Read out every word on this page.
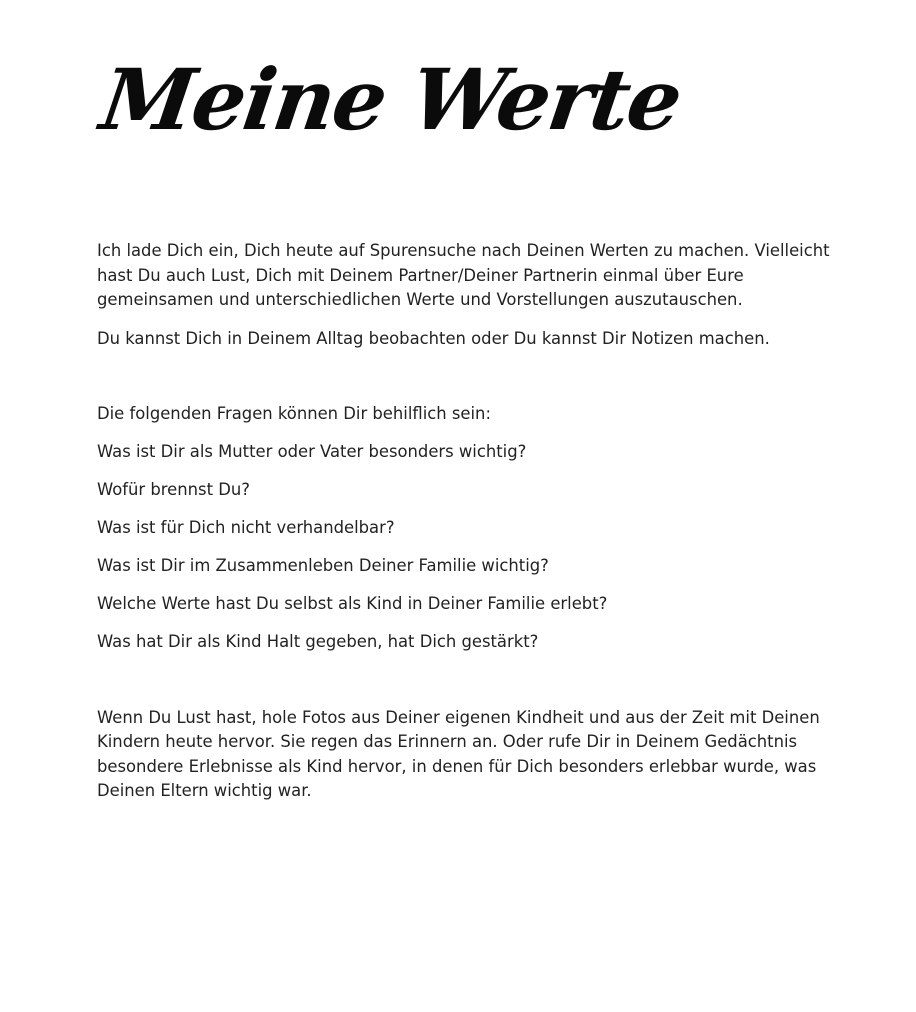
Meine Werte

Ich lade Dich ein, Dich heute auf Spurensuche nach Deinen Werten zu machen. Vielleicht hast Du auch Lust, Dich mit Deinem Partner/Deiner Partnerin einmal über Eure gemeinsamen und unterschiedlichen Werte und Vorstellungen auszutauschen.

Du kannst Dich in Deinem Alltag beobachten oder Du kannst Dir Notizen machen.

Die folgenden Fragen können Dir behilflich sein:

Was ist Dir als Mutter oder Vater besonders wichtig?

Wofür brennst Du?

Was ist für Dich nicht verhandelbar?

Was ist Dir im Zusammenleben Deiner Familie wichtig?

Welche Werte hast Du selbst als Kind in Deiner Familie erlebt?

Was hat Dir als Kind Halt gegeben, hat Dich gestärkt?

Wenn Du Lust hast, hole Fotos aus Deiner eigenen Kindheit und aus der Zeit mit Deinen Kindern heute hervor. Sie regen das Erinnern an. Oder rufe Dir in Deinem Gedächtnis besondere Erlebnisse als Kind hervor, in denen für Dich besonders erlebbar wurde, was Deinen Eltern wichtig war.
